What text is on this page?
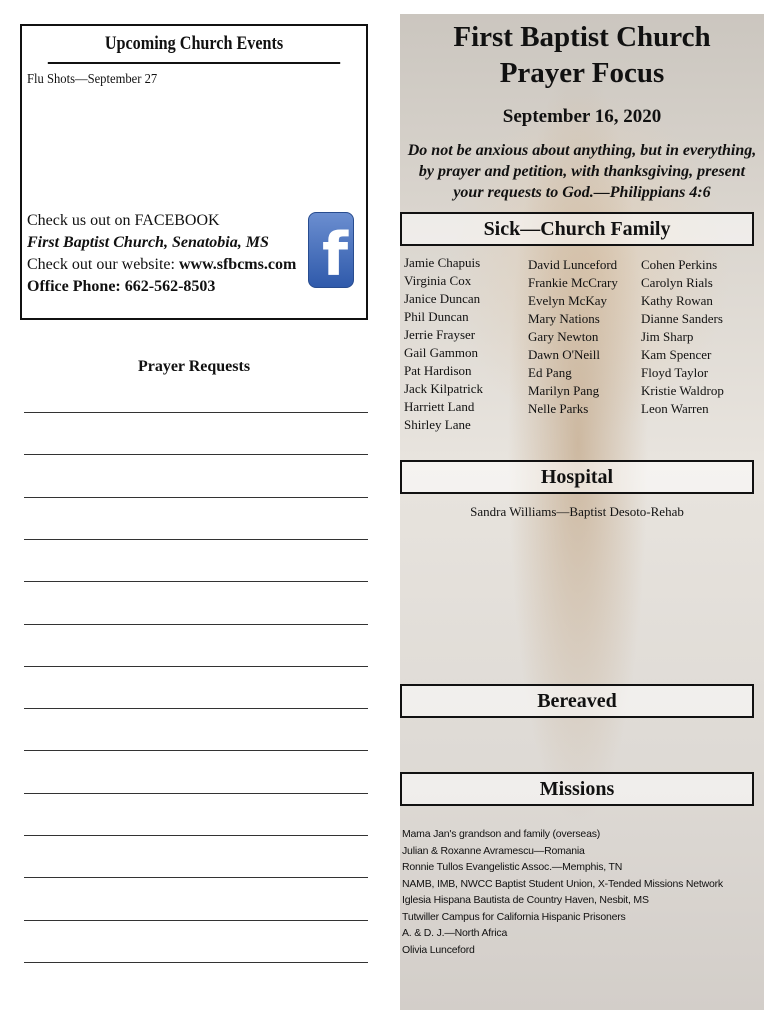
Upcoming Church Events
Flu Shots—September 27
Check us out on FACEBOOK
First Baptist Church, Senatobia, MS
Check out our website: www.sfbcms.com
Office Phone: 662-562-8503	f
Prayer Requests
First Baptist Church
Prayer Focus
September 16, 2020
Do not be anxious about anything, but in everything, by prayer and petition, with thanksgiving, present your requests to God.—Philippians 4:6
Sick—Church Family
Jamie Chapuis
Virginia Cox
Janice Duncan
Phil Duncan
Jerrie Frayser
Gail Gammon
Pat Hardison
Jack Kilpatrick
Harriett Land
Shirley Lane
David Lunceford
Frankie McCrary
Evelyn McKay
Mary Nations
Gary Newton
Dawn O'Neill
Ed Pang
Marilyn Pang
Nelle Parks
Cohen Perkins
Carolyn Rials
Kathy Rowan
Dianne Sanders
Jim Sharp
Kam Spencer
Floyd Taylor
Kristie Waldrop
Leon Warren
Hospital
Sandra Williams—Baptist Desoto-Rehab
Bereaved
Missions
Mama Jan's grandson and family (overseas)
Julian & Roxanne Avramescu—Romania
Ronnie Tullos Evangelistic Assoc.—Memphis, TN
NAMB, IMB, NWCC Baptist Student Union, X-Tended Missions Network
Iglesia Hispana Bautista de Country Haven, Nesbit, MS
Tutwiller Campus for California Hispanic Prisoners
A. & D. J.—North Africa
Olivia Lunceford
